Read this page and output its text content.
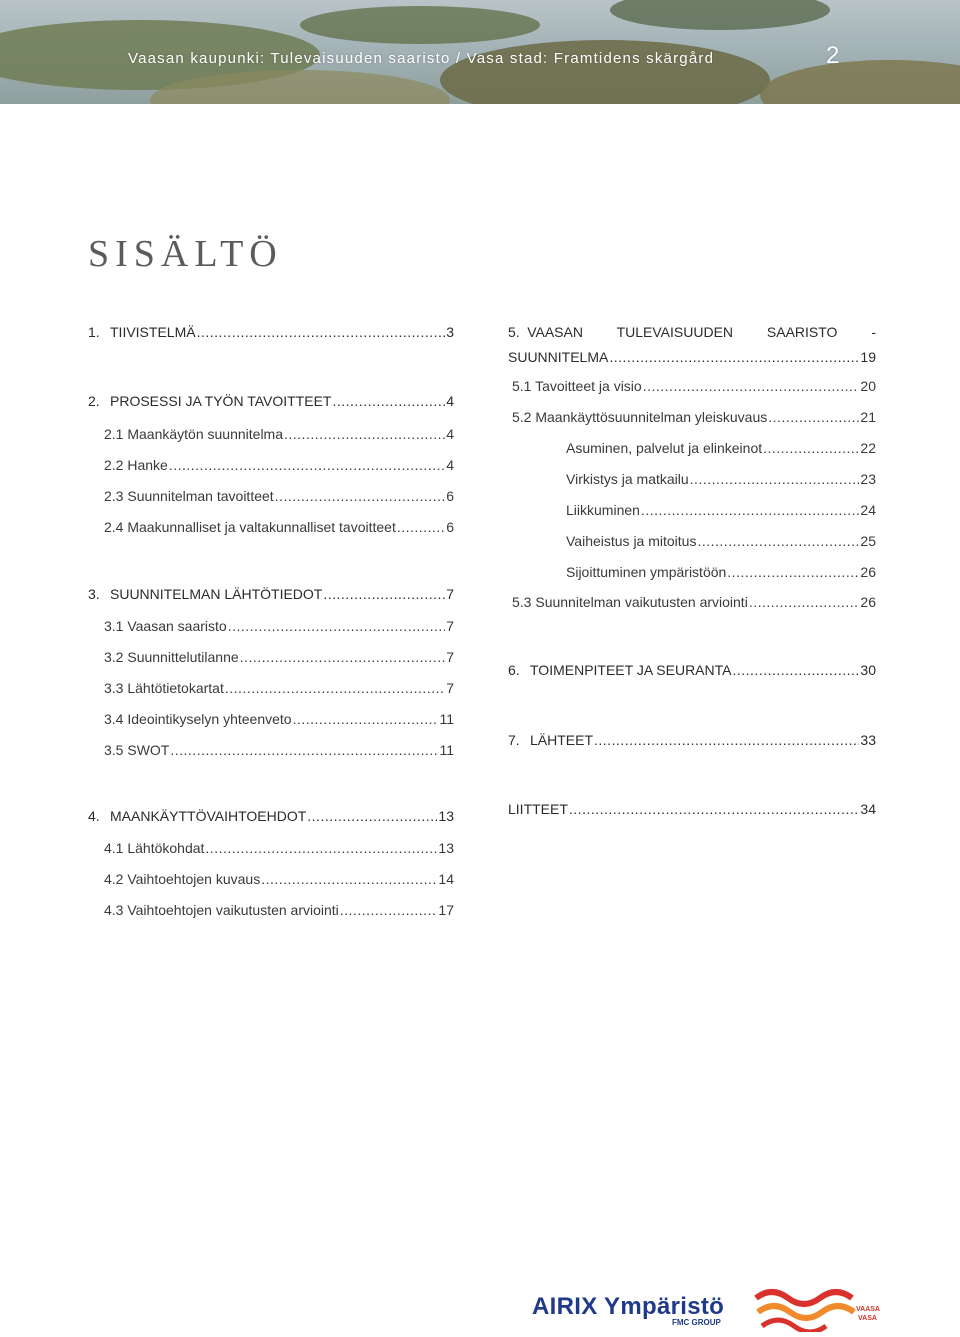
Vaasan kaupunki: Tulevaisuuden saaristo / Vasa stad: Framtidens skärgård	2
SISÄLTÖ
1. TIIVISTELMÄ .....	3
2. PROSESSI JA TYÖN TAVOITTEET .....	4
2.1 Maankäytön suunnitelma .....	4
2.2 Hanke .....	4
2.3 Suunnitelman tavoitteet .....	6
2.4 Maakunnalliset ja valtakunnalliset tavoitteet .....	6
3. SUUNNITELMAN LÄHTÖTIEDOT .....	7
3.1 Vaasan saaristo .....	7
3.2 Suunnittelutilanne .....	7
3.3 Lähtötietokartat .....	7
3.4 Ideointikyselyn yhteenveto .....	11
3.5 SWOT .....	11
4. MAANKÄYTTÖVAIHTOEHDOT .....	13
4.1 Lähtökohdat .....	13
4.2 Vaihtoehtojen kuvaus .....	14
4.3 Vaihtoehtojen vaikutusten arviointi .....	17
5. VAASAN TULEVAISUUDEN SAARISTO -
SUUNNITELMA .....	19
5.1 Tavoitteet ja visio .....	20
5.2 Maankäyttösuunnitelman yleiskuvaus .....	21
Asuminen, palvelut ja elinkeinot .....	22
Virkistys ja matkailu .....	23
Liikkuminen .....	24
Vaiheistus ja mitoitus .....	25
Sijoittuminen ympäristöön .....	26
5.3 Suunnitelman vaikutusten arviointi .....	26
6. TOIMENPITEET JA SEURANTA .....	30
7. LÄHTEET .....	33
LIITTEET .....	34
AIRIX Ympäristö
FMC GROUP
VAASA
VASA
